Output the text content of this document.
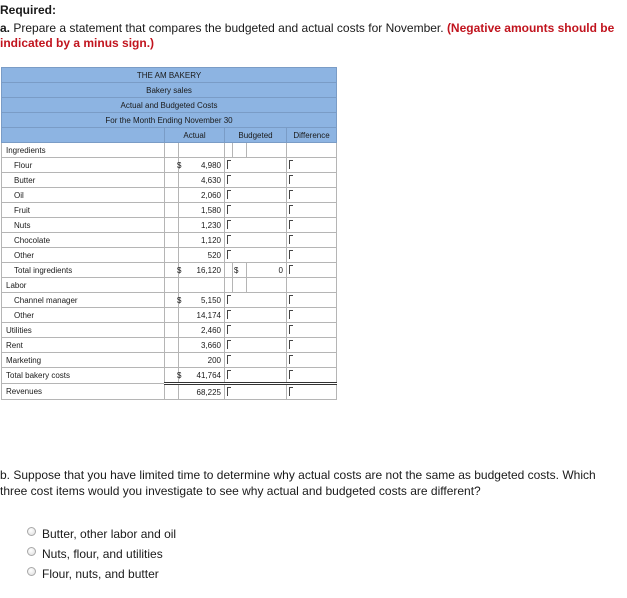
Required:
a. Prepare a statement that compares the budgeted and actual costs for November. (Negative amounts should be indicated by a minus sign.)
THE AM BAKERY						
Bakery sales						
Actual and Budgeted Costs						
For the Month Ending November 30						
	Actual		Budgeted			Difference
Ingredients						
Flour	$	4,980				
Butter		4,630				
Oil		2,060				
Fruit		1,580				
Nuts		1,230				
Chocolate		1,120				
Other		520				
Total ingredients	$	16,120		$	0	
Labor						
Channel manager	$	5,150				
Other		14,174				
Utilities		2,460				
Rent		3,660				
Marketing		200				
Total bakery costs	$	41,764				
Revenues		68,225				
b. Suppose that you have limited time to determine why actual costs are not the same as budgeted costs. Which three cost items would you investigate to see why actual and budgeted costs are different?
Butter, other labor and oil
Nuts, flour, and utilities
Flour, nuts, and butter
